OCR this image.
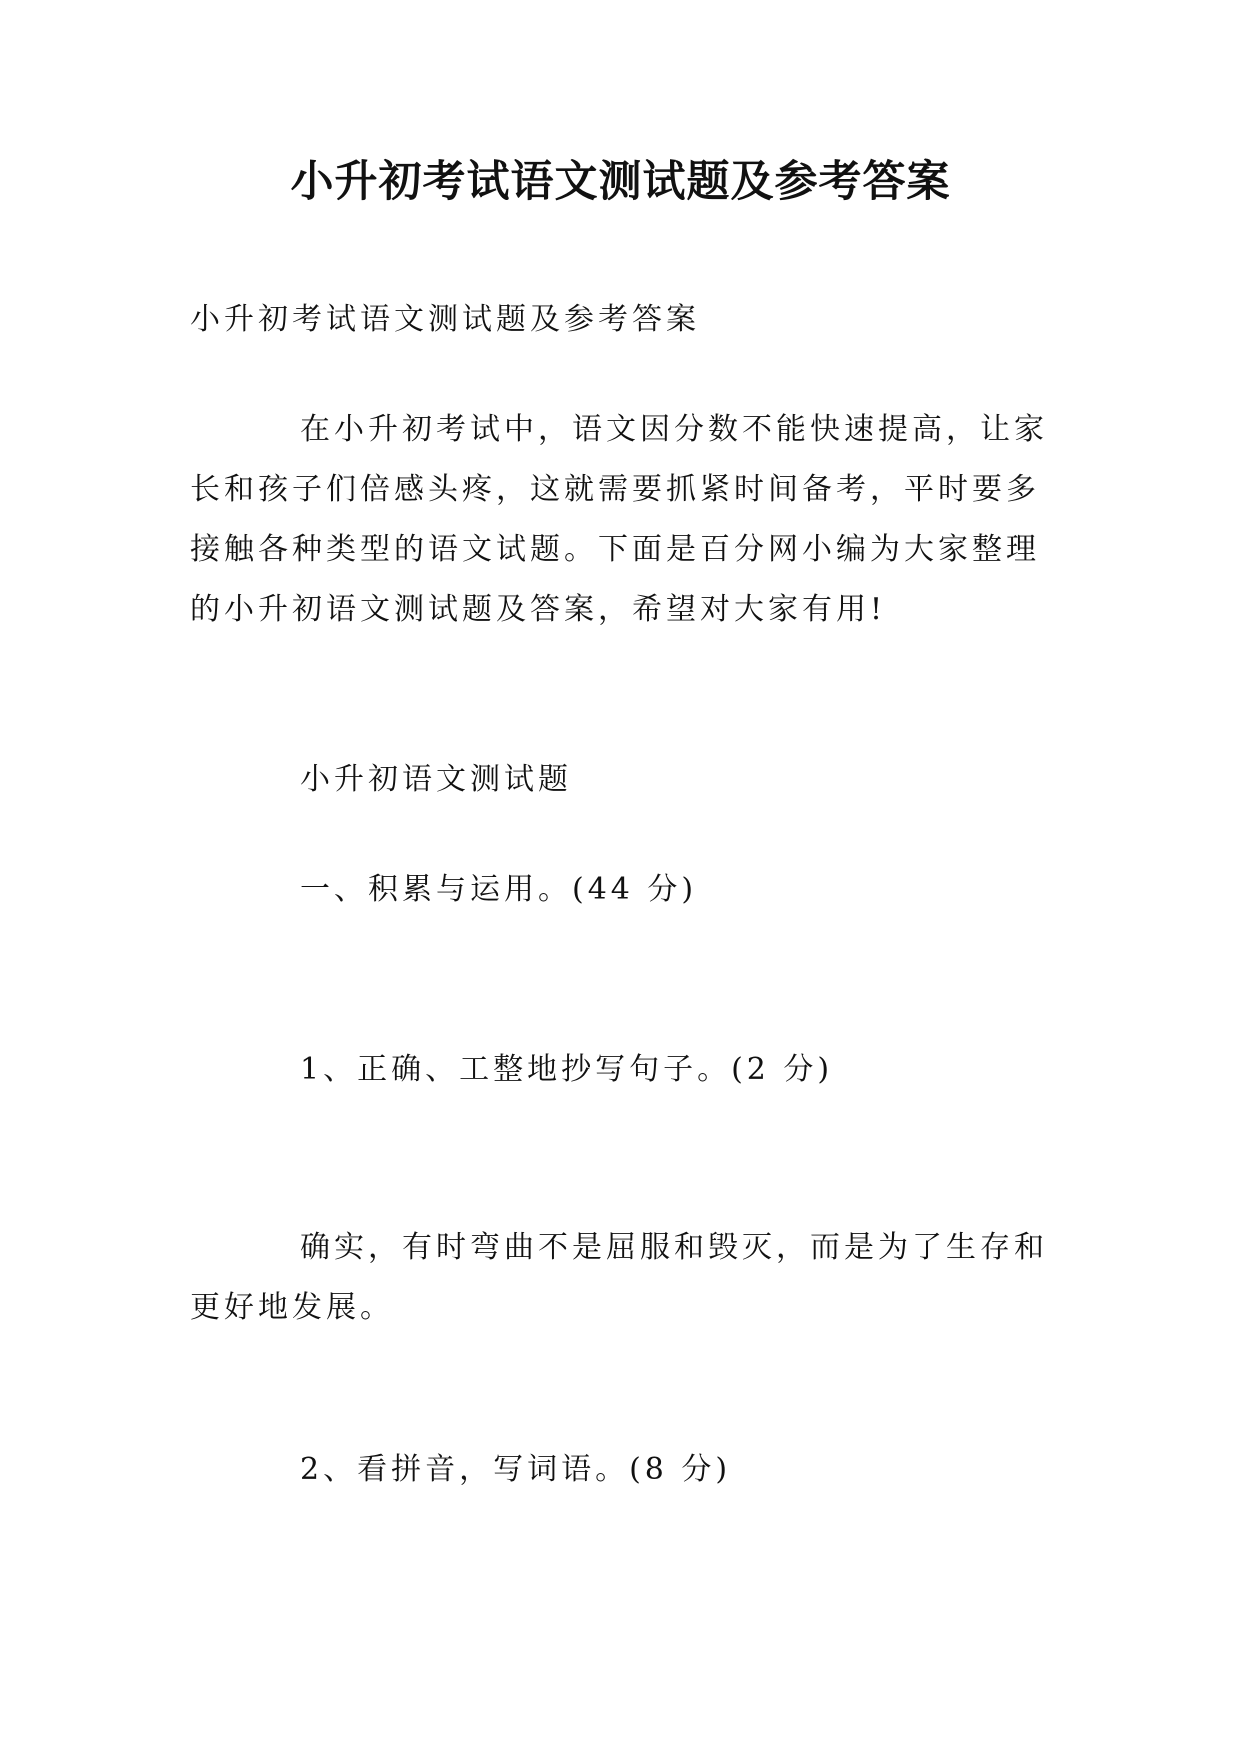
小升初考试语文测试题及参考答案

小升初考试语文测试题及参考答案

在小升初考试中，语文因分数不能快速提高，让家长和孩子们倍感头疼，这就需要抓紧时间备考，平时要多接触各种类型的语文试题。下面是百分网小编为大家整理的小升初语文测试题及答案，希望对大家有用!

小升初语文测试题

一、积累与运用。(44 分)

1、正确、工整地抄写句子。(2 分)

确实，有时弯曲不是屈服和毁灭，而是为了生存和更好地发展。

2、看拼音，写词语。(8 分)
